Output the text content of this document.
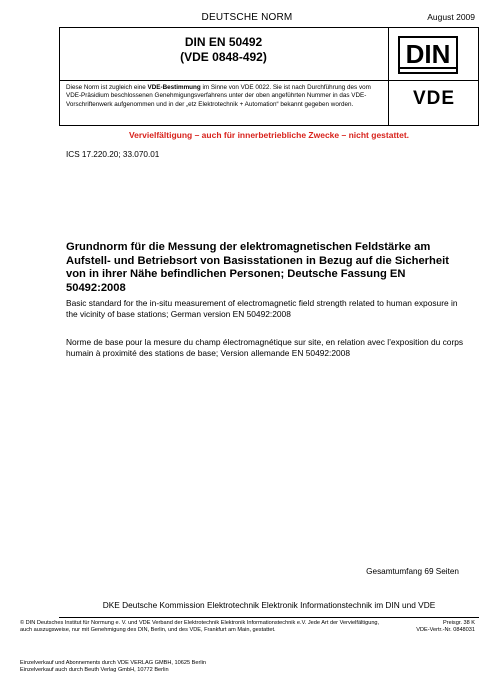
DEUTSCHE NORM	August 2009
DIN EN 50492
(VDE 0848-492)
Diese Norm ist zugleich eine VDE-Bestimmung im Sinne von VDE 0022. Sie ist nach Durchführung des vom VDE-Präsidium beschlossenen Genehmigungsverfahrens unter der oben angeführten Nummer in das VDE-Vorschriftenwerk aufgenommen und in der „etz Elektrotechnik + Automation“ bekannt gegeben worden.
DIN
VDE
Vervielfältigung – auch für innerbetriebliche Zwecke – nicht gestattet.
ICS 17.220.20; 33.070.01
Grundnorm für die Messung der elektromagnetischen Feldstärke am Aufstell- und Betriebsort von Basisstationen in Bezug auf die Sicherheit von in ihrer Nähe befindlichen Personen; Deutsche Fassung EN 50492:2008
Basic standard for the in-situ measurement of electromagnetic field strength related to human exposure in the vicinity of base stations; German version EN 50492:2008
Norme de base pour la mesure du champ électromagnétique sur site, en relation avec l’exposition du corps humain à proximité des stations de base; Version allemande EN 50492:2008
Gesamtumfang 69 Seiten
DKE Deutsche Kommission Elektrotechnik Elektronik Informationstechnik im DIN und VDE
© DIN Deutsches Institut für Normung e. V. und VDE Verband der Elektrotechnik Elektronik Informationstechnik e.V. Jede Art der Vervielfältigung, auch auszugsweise, nur mit Genehmigung des DIN, Berlin, und des VDE, Frankfurt am Main, gestattet.
Preisgr. 38 K
VDE-Vertr.-Nr. 0848031
Einzelverkauf und Abonnements durch VDE VERLAG GMBH, 10625 Berlin
Einzelverkauf auch durch Beuth Verlag GmbH, 10772 Berlin
